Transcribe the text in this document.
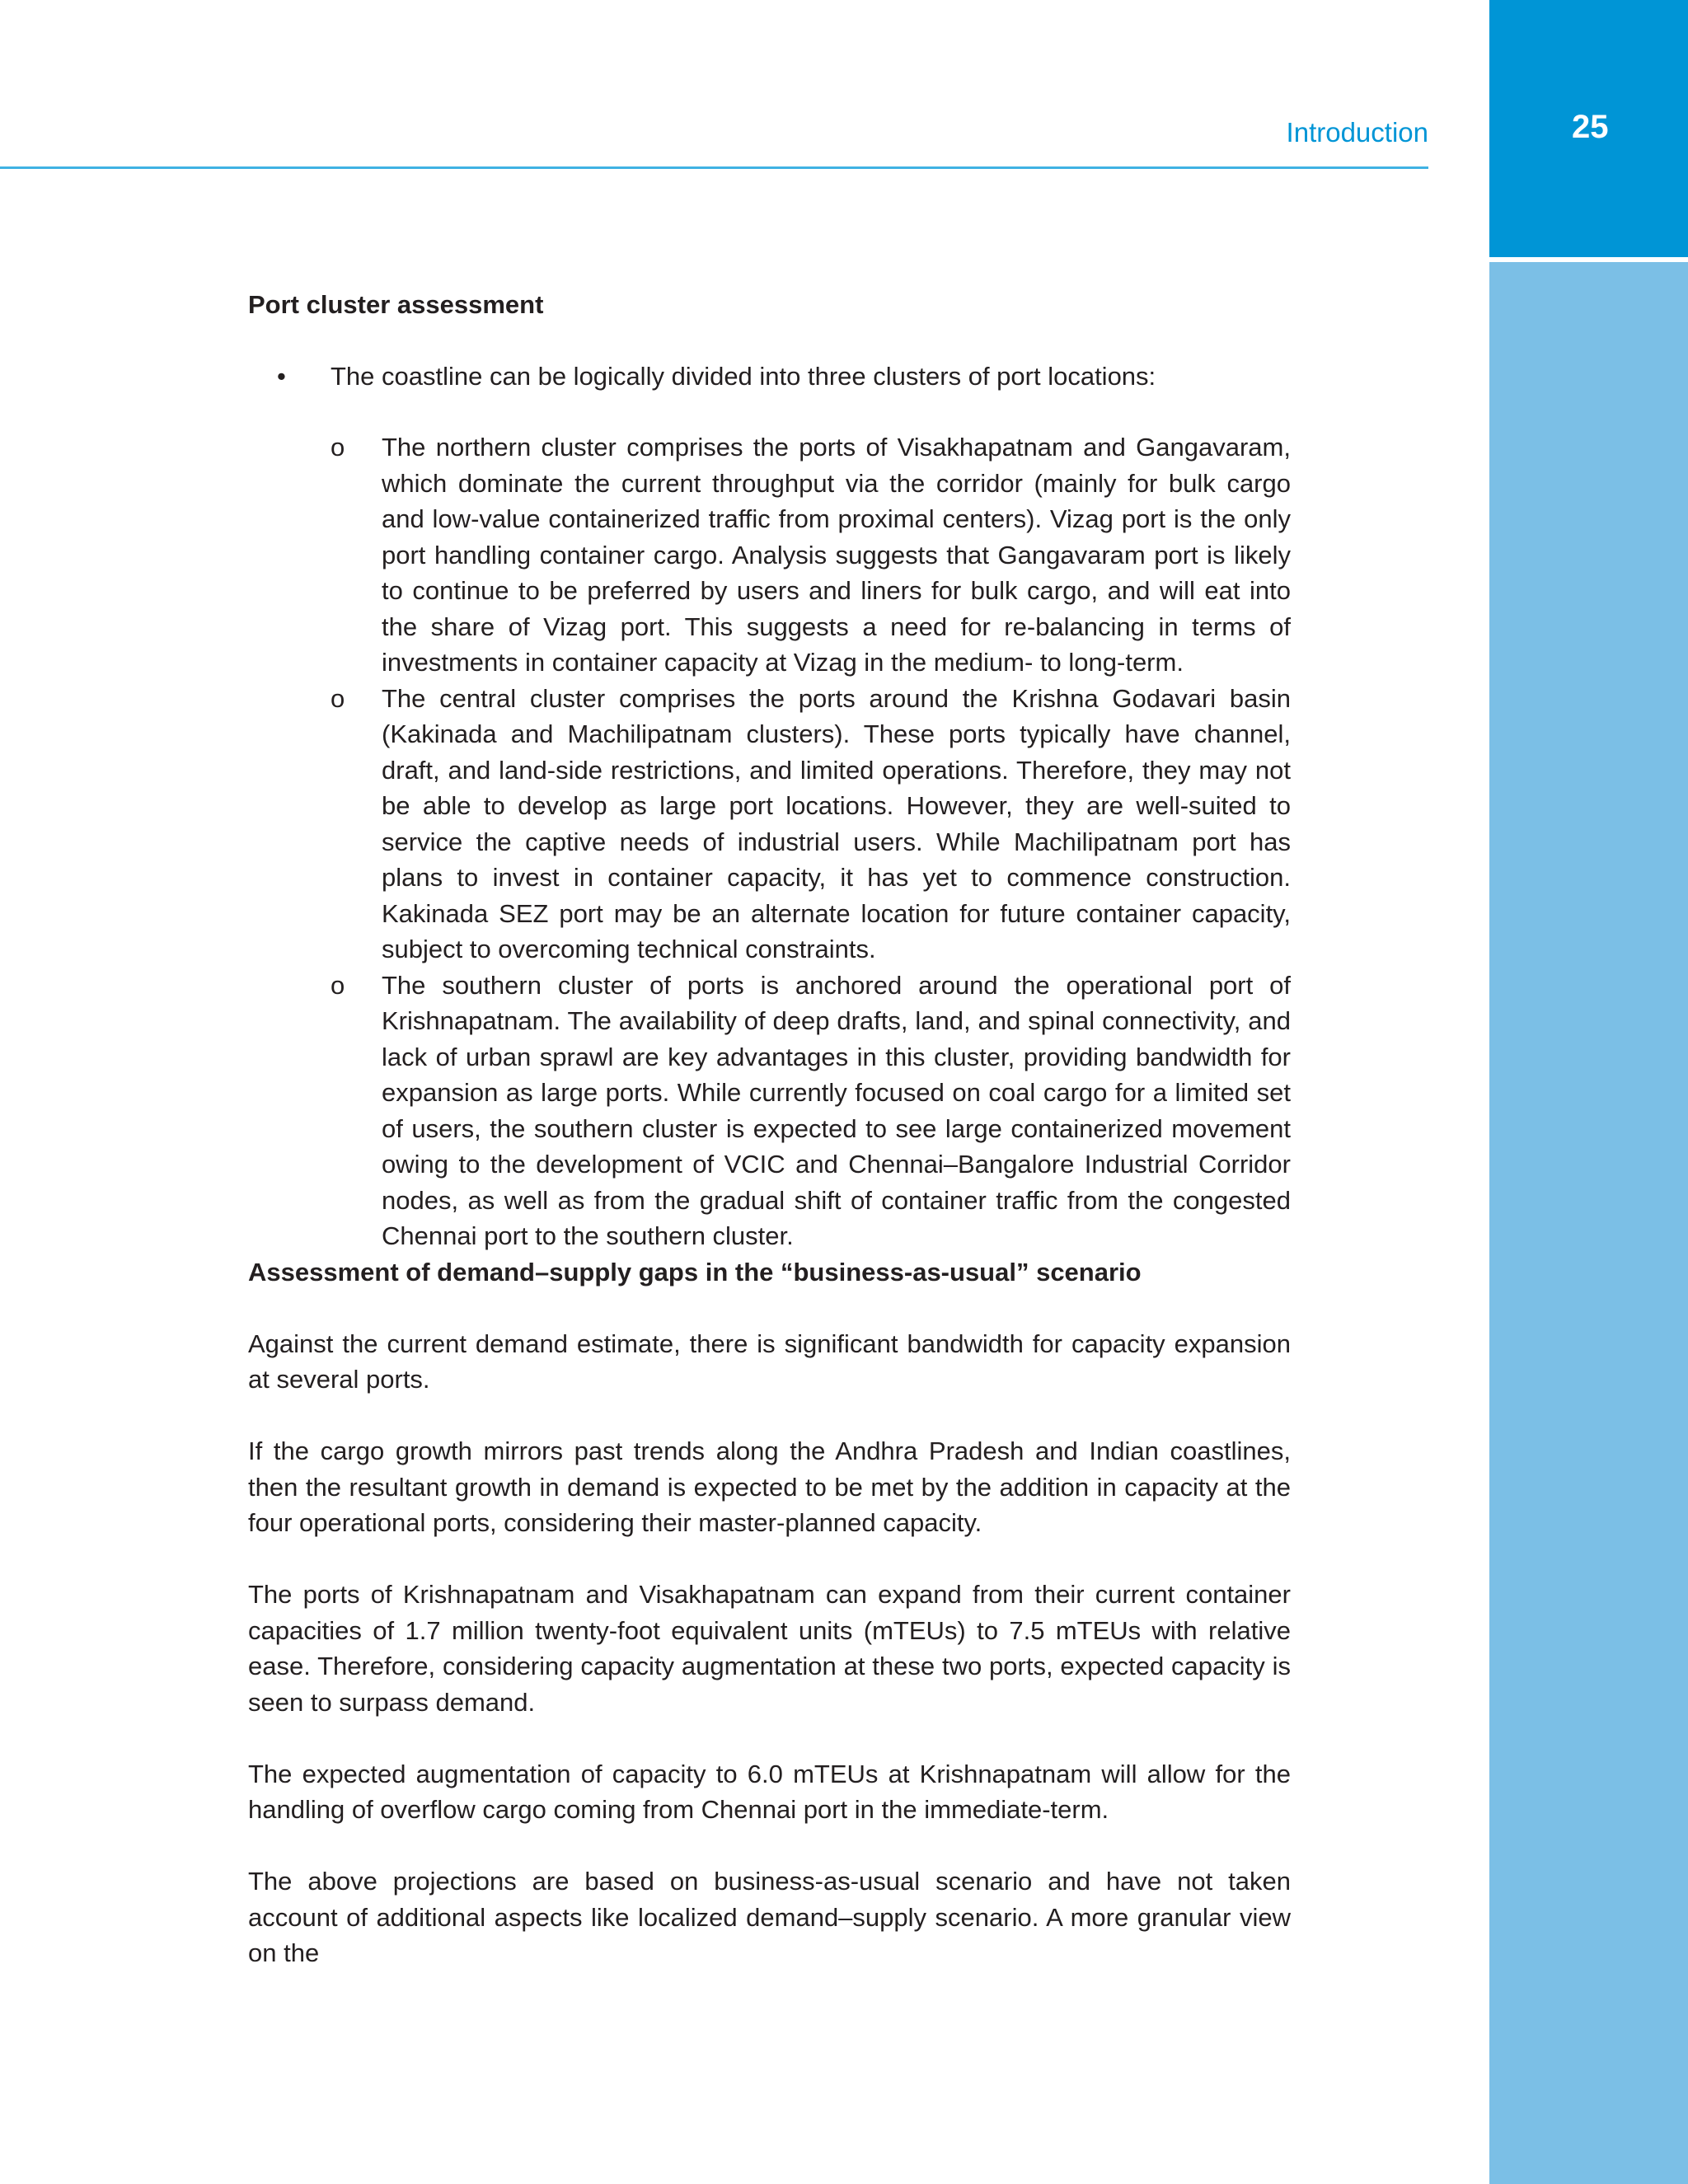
25
Introduction
Port cluster assessment
• The coastline can be logically divided into three clusters of port locations:
o The northern cluster comprises the ports of Visakhapatnam and Gangavaram, which dominate the current throughput via the corridor (mainly for bulk cargo and low-value containerized traffic from proximal centers). Vizag port is the only port handling container cargo. Analysis suggests that Gangavaram port is likely to continue to be preferred by users and liners for bulk cargo, and will eat into the share of Vizag port. This suggests a need for re-balancing in terms of investments in container capacity at Vizag in the medium- to long-term.
o The central cluster comprises the ports around the Krishna Godavari basin (Kakinada and Machilipatnam clusters). These ports typically have channel, draft, and land-side restrictions, and limited operations. Therefore, they may not be able to develop as large port locations. However, they are well-suited to service the captive needs of industrial users. While Machilipatnam port has plans to invest in container capacity, it has yet to commence construction. Kakinada SEZ port may be an alternate location for future container capacity, subject to overcoming technical constraints.
o The southern cluster of ports is anchored around the operational port of Krishnapatnam. The availability of deep drafts, land, and spinal connectivity, and lack of urban sprawl are key advantages in this cluster, providing bandwidth for expansion as large ports. While currently focused on coal cargo for a limited set of users, the southern cluster is expected to see large containerized movement owing to the development of VCIC and Chennai–Bangalore Industrial Corridor nodes, as well as from the gradual shift of container traffic from the congested Chennai port to the southern cluster.
Assessment of demand–supply gaps in the “business-as-usual” scenario

Against the current demand estimate, there is significant bandwidth for capacity expansion at several ports.

If the cargo growth mirrors past trends along the Andhra Pradesh and Indian coastlines, then the resultant growth in demand is expected to be met by the addition in capacity at the four operational ports, considering their master-planned capacity.

The ports of Krishnapatnam and Visakhapatnam can expand from their current container capacities of 1.7 million twenty-foot equivalent units (mTEUs) to 7.5 mTEUs with relative ease. Therefore, considering capacity augmentation at these two ports, expected capacity is seen to surpass demand.

The expected augmentation of capacity to 6.0 mTEUs at Krishnapatnam will allow for the handling of overflow cargo coming from Chennai port in the immediate-term.

The above projections are based on business-as-usual scenario and have not taken account of additional aspects like localized demand–supply scenario. A more granular view on the
